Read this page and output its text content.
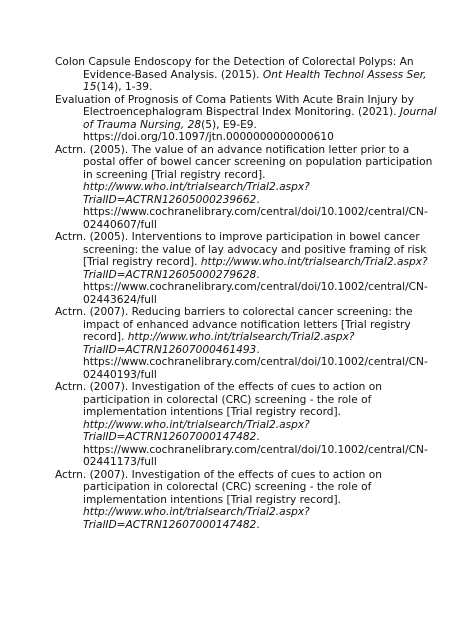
Colon Capsule Endoscopy for the Detection of Colorectal Polyps: An Evidence-Based Analysis. (2015). Ont Health Technol Assess Ser, 15(14), 1-39.

Evaluation of Prognosis of Coma Patients With Acute Brain Injury by Electroencephalogram Bispectral Index Monitoring. (2021). Journal of Trauma Nursing, 28(5), E9-E9. https://doi.org/10.1097/jtn.0000000000000610

Actrn. (2005). The value of an advance notification letter prior to a postal offer of bowel cancer screening on population participation in screening [Trial registry record]. http://www.who.int/trialsearch/Trial2.aspx?TrialID=ACTRN12605000239662. https://www.cochranelibrary.com/central/doi/10.1002/central/CN-02440607/full

Actrn. (2005). Interventions to improve participation in bowel cancer screening: the value of lay advocacy and positive framing of risk [Trial registry record]. http://www.who.int/trialsearch/Trial2.aspx?TrialID=ACTRN12605000279628. https://www.cochranelibrary.com/central/doi/10.1002/central/CN-02443624/full

Actrn. (2007). Reducing barriers to colorectal cancer screening: the impact of enhanced advance notification letters [Trial registry record]. http://www.who.int/trialsearch/Trial2.aspx?TrialID=ACTRN12607000461493. https://www.cochranelibrary.com/central/doi/10.1002/central/CN-02440193/full

Actrn. (2007). Investigation of the effects of cues to action on participation in colorectal (CRC) screening - the role of implementation intentions [Trial registry record]. http://www.who.int/trialsearch/Trial2.aspx?TrialID=ACTRN12607000147482. https://www.cochranelibrary.com/central/doi/10.1002/central/CN-02441173/full

Actrn. (2007). Investigation of the effects of cues to action on participation in colorectal (CRC) screening - the role of implementation intentions [Trial registry record]. http://www.who.int/trialsearch/Trial2.aspx?TrialID=ACTRN12607000147482.
